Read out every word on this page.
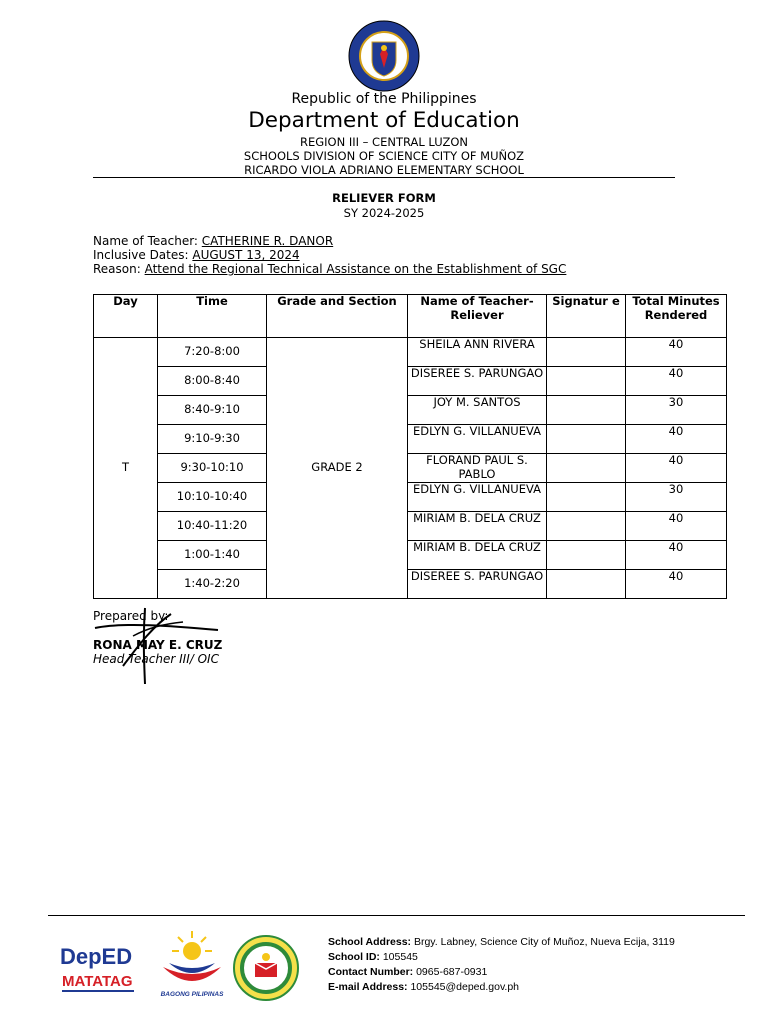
Republic of the Philippines
Department of Education
REGION III – CENTRAL LUZON
SCHOOLS DIVISION OF SCIENCE CITY OF MUÑOZ
RICARDO VIOLA ADRIANO ELEMENTARY SCHOOL
RELIEVER FORM
SY 2024-2025
Name of Teacher: CATHERINE R. DANOR
Inclusive Dates: AUGUST 13, 2024
Reason: Attend the Regional Technical Assistance on the Establishment of SGC
Day	Time	Grade and Section	Name of Teacher-Reliever	Signatur e	Total Minutes Rendered
T	7:20-8:00	GRADE 2	SHEILA ANN RIVERA		40
	8:00-8:40		DISEREE S. PARUNGAO		40
	8:40-9:10		JOY M. SANTOS		30
	9:10-9:30		EDLYN G. VILLANUEVA		40
	9:30-10:10		FLORAND PAUL S. PABLO		40
	10:10-10:40		EDLYN G. VILLANUEVA		30
	10:40-11:20		MIRIAM B. DELA CRUZ		40
	1:00-1:40		MIRIAM B. DELA CRUZ		40
	1:40-2:20		DISEREE S. PARUNGAO		40
Prepared by:
RONA MAY E. CRUZ
Head Teacher III/ OIC
DepED
MATATAG
BAGONG PILIPINAS
School Address: Brgy. Labney, Science City of Muñoz, Nueva Ecija, 3119
School ID: 105545
Contact Number: 0965-687-0931
E-mail Address: 105545@deped.gov.ph
